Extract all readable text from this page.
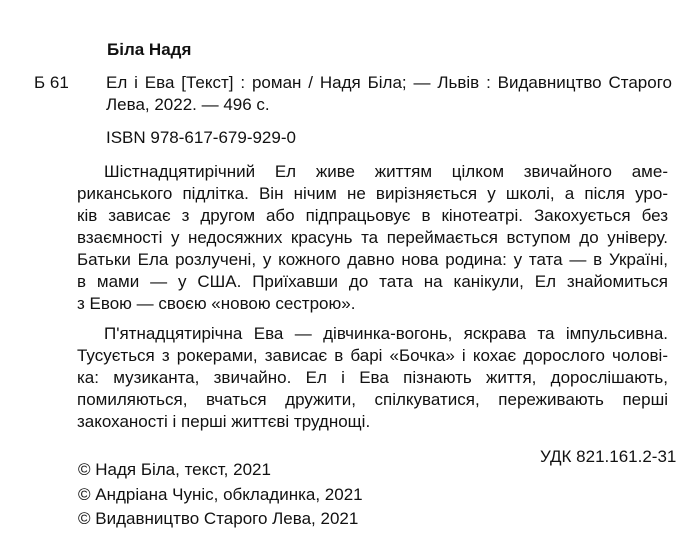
Біла Надя
Б 61 Ел і Ева [Текст] : роман / Надя Біла; — Львів : Видавництво Старого
Лева, 2022. — 496 с.
ISBN 978-617-679-929-0
Шістнадцятирічний Ел живе життям цілком звичайного аме-
риканського підлітка. Він нічим не вирізняється у школі, а після уро-
ків зависає з другом або підпрацьовує в кінотеатрі. Закохується без
взаємності у недосяжних красунь та переймається вступом до універу.
Батьки Ела розлучені, у кожного давно нова родина: у тата — в Україні,
в мами — у США. Приїхавши до тата на канікули, Ел знайомиться
з Евою — своєю «новою сестрою».
П'ятнадцятирічна Ева — дівчинка-вогонь, яскрава та імпульсивна.
Тусується з рокерами, зависає в барі «Бочка» і кохає дорослого чолові-
ка: музиканта, звичайно. Ел і Ева пізнають життя, дорослішають,
помиляються, вчаться дружити, спілкуватися, переживають перші
закоханості і перші життєві труднощі.
УДК 821.161.2-31
© Надя Біла, текст, 2021
© Андріана Чуніс, обкладинка, 2021
© Видавництво Старого Лева, 2021
